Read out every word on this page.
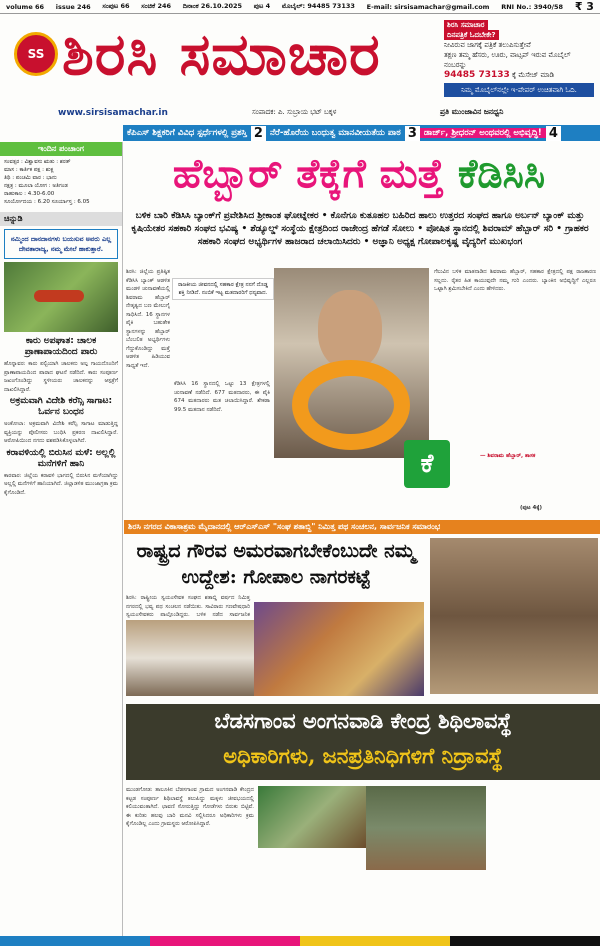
volume 66 issue 246 ಸಂಪುಟ 66 ಸಂಚಿಕೆ 246 ದಿನಾಂಕ 26.10.2025 ಪುಟ 4 ಮೊಬೈಲ್: 94485 73133 E-mail: sirsisamachar@gmail.com RNI No.: 3940/58 ₹ 3
SS ಶಿರಸಿ ಸಮಾಚಾರ	ಶಿರಸಿ ಸಮಾಚಾರ
ದಿನಪತ್ರಿಕೆ ಓದಬೇಕೇ?
ನೀವಿರುವ ಜಾಗಕ್ಕೆ ಪತ್ರಿಕೆ ತಲುಪಿಸುತ್ತೇವೆ
ತಕ್ಷಣ ತಮ್ಮ ಹೆಸರು, ಊರು, ವಾಟ್ಸಪ್ ಇರುವ ಮೊಬೈಲ್ ನಂಬರನ್ನು
94485 73133 ಕ್ಕೆ ಮೆಸೇಜ್ ಮಾಡಿ
ನಿಮ್ಮ ಮೊಬೈಲ್‌ನಲ್ಲೇ ಇ-ಪೇಪರ್ ಉಚಿತವಾಗಿ ಓದಿ.
www.sirsisamachar.in	ಸಂಪಾದಕ: ಪಿ. ಸುಬ್ರಾಯ ಭಟ್ ಬಕ್ಕಳ	ಪ್ರತಿ ಮುಂಜಾವಿನ ಜನಧ್ವನಿ
ಕೆಪಿಎಸ್ ಶಿಕ್ಷಕರಿಗೆ ವಿವಿಧ ಸ್ಪರ್ಧೆಗಳಲ್ಲಿ ಪ್ರಶಸ್ತಿ 2 ನೆರೆ-ಹೊರೆಯ ಬಂಧುತ್ವ ಮಾನವೀಯತೆಯ ಪಾಠ 3 ಡಾರ್ಜ್, ಶ್ರೀಧರನ್ ಅಂಥವರಲ್ಲಿ ಅಭಿವೃದ್ಧಿ! 4
ಇಂದಿನ ಪಂಚಾಂಗ
ಸಂವತ್ಸರ : ವಿಶ್ವಾವಸು ಋತು : ಶರತ್
ಮಾಸ : ಕಾರ್ತಿಕ ಪಕ್ಷ : ಶುಕ್ಲ
ತಿಥಿ : ಪಂಚಮಿ ವಾರ : ಭಾನು
ನಕ್ಷತ್ರ : ಮೂಲಾ ಯೋಗ : ಅತಿಗಂಡ
ರಾಹುಕಾಲ : 4.30-6.00
ಸೂರ್ಯೋದಯ : 6.20 ಸೂರ್ಯಾಸ್ತ : 6.05
ಚಿನ್ನುಡಿ
ನಮ್ಮಿಂದ ದಾನದಾನಗಳು ಬಯಸುವ ಅವರು ಎಲ್ಲ ದೇವತಾರಾಜ್ಯ, ನಮ್ಮ ಮೇಲೆ ಹಾಕುತ್ತಾರೆ.
ಕಾರು ಅಪಘಾತ: ಚಾಲಕ ಪ್ರಾಣಾಪಾಯದಿಂದ ಪಾರು
ಹೊನ್ನಾವರ: ಕಾರು ಪಲ್ಟಿಯಾಗಿ ಚಾಲಕನು ಅಲ್ಪ ಗಾಯದೊಂದಿಗೆ ಪ್ರಾಣಾಪಾಯದಿಂದ ಪಾರಾದ ಘಟನೆ ನಡೆದಿದೆ. ಕಾರು ಸಂಪೂರ್ಣ ಜಖಂಗೊಂಡಿದ್ದು ಸ್ಥಳೀಯರು ಚಾಲಕನನ್ನು ಆಸ್ಪತ್ರೆಗೆ ದಾಖಲಿಸಿದ್ದಾರೆ.
ಅಕ್ರಮವಾಗಿ ವಿದೇಶಿ ಕರೆನ್ಸಿ ಸಾಗಾಟ: ಓರ್ವನ ಬಂಧನ
ಅಂಕೋಲಾ: ಅಕ್ರಮವಾಗಿ ವಿದೇಶಿ ಕರೆನ್ಸಿ ಸಾಗಾಟ ಮಾಡುತ್ತಿದ್ದ ವ್ಯಕ್ತಿಯನ್ನು ಪೊಲೀಸರು ಬಂಧಿಸಿ ಪ್ರಕರಣ ದಾಖಲಿಸಿದ್ದಾರೆ. ಆರೋಪಿಯಿಂದ ನಗದು ವಶಪಡಿಸಿಕೊಳ್ಳಲಾಗಿದೆ.
ಕರಾವಳಿಯಲ್ಲಿ ಬಿರುಸಿನ ಮಳೆ: ಅಲ್ಲಲ್ಲಿ ಮನೆಗಳಿಗೆ ಹಾನಿ
ಕಾರವಾರ: ಜಿಲ್ಲೆಯ ಕರಾವಳಿ ಭಾಗದಲ್ಲಿ ಬಿರುಸಿನ ಮಳೆಯಾಗಿದ್ದು ಅಲ್ಲಲ್ಲಿ ಮನೆಗಳಿಗೆ ಹಾನಿಯಾಗಿದೆ. ಜಿಲ್ಲಾಡಳಿತ ಮುಂಜಾಗ್ರತಾ ಕ್ರಮ ಕೈಗೊಂಡಿದೆ.
ಹೆಬ್ಬಾರ್ ತೆಕ್ಕೆಗೆ ಮತ್ತೆ ಕೆಡಿಸಿಸಿ
ಬಳಿಕ ಬಾರಿ ಕೆಡಿಸಿಸಿ ಬ್ಯಾಂಕ್‌ಗೆ ಪ್ರವೇಶಿಸಿದ ಶ್ರೀಕಾಂತ ಘೋಟ್ನೇಕರ • ಕೊನೆಗೂ ಕುತೂಹಲ ಬಹಿರಿದ ಹಾಲು ಉತ್ತರದ ಸಂಘದ ಹಾಗೂ ಅರ್ಬನ್ ಬ್ಯಾಂಕ್ ಮತ್ತು ಕೃಷಿಯೇತರ ಸಹಕಾರಿ ಸಂಘದ ಭವಿಷ್ಯ • ಶೆಡ್ಯೂಲ್ಡ್ ಸಂಸ್ಥೆಯ ಕ್ಷೇತ್ರದಿಂದ ರಾಜೇಂದ್ರ ಹೆಗಡೆ ಸೋಲು • ಪೋಷಿತ ಸ್ಥಾನದಲ್ಲಿ ಶಿವರಾಮ್ ಹೆಬ್ಬಾರ್ ಸರಿ • ಗ್ರಾಹಕರ ಸಹಕಾರಿ ಸಂಘದ ಅಭ್ಯರ್ಥಿಗಳ ಹಾಜರಾದ ಚಲಾಯಿಸಿದರು • ಅಜ್ಞಾನಿ ಅಧ್ಯಕ್ಷ ಗೋಪಾಲಕೃಷ್ಣ ವೈದ್ಯರಿಗೆ ಮುಖಭಂಗ
ಶಿರಸಿ: ಜಿಲ್ಲೆಯ ಪ್ರತಿಷ್ಠಿತ ಕೆಡಿಸಿಸಿ ಬ್ಯಾಂಕ್ ಆಡಳಿತ ಮಂಡಳಿ ಚುನಾವಣೆಯಲ್ಲಿ ಶಿವರಾಮ ಹೆಬ್ಬಾರ್ ನೇತೃತ್ವದ ಬಣ ಮೇಲುಗೈ ಸಾಧಿಸಿದೆ. 16 ಸ್ಥಾನಗಳ ಪೈಕಿ ಬಹುತೇಕ ಸ್ಥಾನಗಳನ್ನು ಹೆಬ್ಬಾರ್ ಬೆಂಬಲಿತ ಅಭ್ಯರ್ಥಿಗಳು ಗೆದ್ದುಕೊಂಡಿದ್ದು ಮತ್ತೆ ಆಡಳಿತ ಹಿಡಿಯುವ ಸಾಧ್ಯತೆ ಇದೆ.
ಕೆಡಿಸಿಸಿ 16 ಸ್ಥಾನದಲ್ಲಿ ಒಟ್ಟು 13 ಕ್ಷೇತ್ರಗಳಲ್ಲಿ ಚುನಾವಣೆ ನಡೆದಿದೆ. 677 ಮತದಾರರು, ಈ ಪೈಕಿ 674 ಮತದಾರರು ಮತ ಚಲಾಯಿಸಿದ್ದಾರೆ. ಶೇಕಡಾ 99.5 ಮತದಾನ ನಡೆದಿದೆ.
ರಾಜಕೀಯ ಜೀವನದಲ್ಲಿ ಸಹಕಾರ ಕ್ಷೇತ್ರ ನನಗೆ ದೊಡ್ಡ ಶಕ್ತಿ ನೀಡಿದೆ. ನಂಬಿಕೆ ಇಟ್ಟ ಮತದಾರರಿಗೆ ಧನ್ಯವಾದ.
ಗೆಲುವಿನ ಬಳಿಕ ಮಾತನಾಡಿದ ಶಿವರಾಮ ಹೆಬ್ಬಾರ್, ಸಹಕಾರ ಕ್ಷೇತ್ರದಲ್ಲಿ ಪಕ್ಷ ರಾಜಕಾರಣ ಸಲ್ಲದು. ರೈತರ ಹಿತ ಕಾಯುವುದೇ ನಮ್ಮ ಗುರಿ ಎಂದರು. ಬ್ಯಾಂಕಿನ ಅಭಿವೃದ್ಧಿಗೆ ಎಲ್ಲರೂ ಒಟ್ಟಾಗಿ ಶ್ರಮಿಸಬೇಕಿದೆ ಎಂದು ಹೇಳಿದರು.
— ಶಿವರಾಮ ಹೆಬ್ಬಾರ್, ಶಾಸಕ
ಕೆ
(ಪುಟ 4ಕ್ಕೆ)
ಶಿರಸಿ ನಗರದ ವಿಕಾಸಾಶ್ರಮ ಮೈದಾನದಲ್ಲಿ ಆರ್‌ಎಸ್‌ಎಸ್ "ಸಂಘ ಶತಾಬ್ದಿ" ನಿಮಿತ್ತ ಪಥ ಸಂಚಲನ, ಸಾರ್ವಜನಿಕ ಸಮಾರಂಭ
ರಾಷ್ಟ್ರದ ಗೌರವ ಅಮರವಾಗಬೇಕೆಂಬುದೇ ನಮ್ಮ ಉದ್ದೇಶ: ಗೋಪಾಲ ನಾಗರಕಟ್ಟೆ
ಶಿರಸಿ: ರಾಷ್ಟ್ರೀಯ ಸ್ವಯಂಸೇವಕ ಸಂಘದ ಶತಾಬ್ದಿ ವರ್ಷದ ನಿಮಿತ್ತ ನಗರದಲ್ಲಿ ಭವ್ಯ ಪಥ ಸಂಚಲನ ನಡೆಯಿತು. ಸಾವಿರಾರು ಗಣವೇಷಧಾರಿ ಸ್ವಯಂಸೇವಕರು ಪಾಲ್ಗೊಂಡಿದ್ದರು. ಬಳಿಕ ನಡೆದ ಸಾರ್ವಜನಿಕ
ಬೆಡಸಗಾಂವ ಅಂಗನವಾಡಿ ಕೇಂದ್ರ ಶಿಥಿಲಾವಸ್ಥೆ
ಅಧಿಕಾರಿಗಳು, ಜನಪ್ರತಿನಿಧಿಗಳಿಗೆ ನಿದ್ರಾವಸ್ಥೆ
ಮುಂಡಗೋಡ: ತಾಲೂಕಿನ ಬೆಡಸಗಾಂವ ಗ್ರಾಮದ ಅಂಗನವಾಡಿ ಕೇಂದ್ರದ ಕಟ್ಟಡ ಸಂಪೂರ್ಣ ಶಿಥಿಲಾವಸ್ಥೆ ತಲುಪಿದ್ದು ಮಕ್ಕಳು ಜೀವಭಯದಲ್ಲಿ ಕಲಿಯುವಂತಾಗಿದೆ. ಛಾವಣಿ ಸೋರುತ್ತಿದ್ದು ಗೋಡೆಗಳು ಬಿರುಕು ಬಿಟ್ಟಿವೆ. ಈ ಕುರಿತು ಹಲವು ಬಾರಿ ಮನವಿ ಸಲ್ಲಿಸಿದರೂ ಅಧಿಕಾರಿಗಳು ಕ್ರಮ ಕೈಗೊಂಡಿಲ್ಲ ಎಂದು ಗ್ರಾಮಸ್ಥರು ಆರೋಪಿಸಿದ್ದಾರೆ.
